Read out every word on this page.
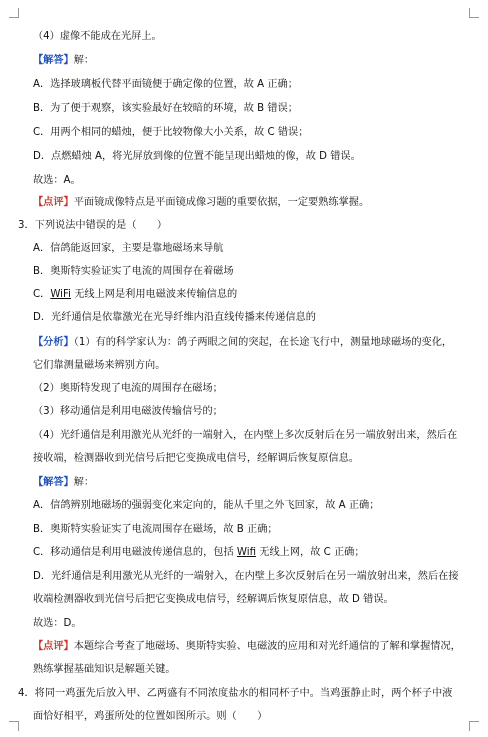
（4）虚像不能成在光屏上。
【解答】解：
A．选择玻璃板代替平面镜便于确定像的位置，故 A 正确；
B．为了便于观察，该实验最好在较暗的环境，故 B 错误；
C．用两个相同的蜡烛，便于比较物像大小关系，故 C 错误；
D．点燃蜡烛 A，将光屏放到像的位置不能呈现出蜡烛的像，故 D 错误。
故选：A。
【点评】平面镜成像特点是平面镜成像习题的重要依据，一定要熟练掌握。
3．下列说法中错误的是（　　）
A．信鸽能返回家，主要是靠地磁场来导航
B．奥斯特实验证实了电流的周围存在着磁场
C．WiFi 无线上网是利用电磁波来传输信息的
D．光纤通信是依靠激光在光导纤维内沿直线传播来传递信息的
【分析】（1）有的科学家认为：鸽子两眼之间的突起，在长途飞行中，测量地球磁场的变化，
它们靠测量磁场来辨别方向。
（2）奥斯特发现了电流的周围存在磁场；
（3）移动通信是利用电磁波传输信号的；
（4）光纤通信是利用激光从光纤的一端射入，在内壁上多次反射后在另一端放射出来，然后在
接收端，检测器收到光信号后把它变换成电信号，经解调后恢复原信息。
【解答】解：
A．信鸽辨别地磁场的强弱变化来定向的，能从千里之外飞回家，故 A 正确；
B．奥斯特实验证实了电流周围存在磁场，故 B 正确；
C．移动通信是利用电磁波传递信息的，包括 Wifi 无线上网，故 C 正确；
D．光纤通信是利用激光从光纤的一端射入，在内壁上多次反射后在另一端放射出来，然后在接
收端检测器收到光信号后把它变换成电信号，经解调后恢复原信息，故 D 错误。
故选：D。
【点评】本题综合考查了地磁场、奥斯特实验、电磁波的应用和对光纤通信的了解和掌握情况，
熟练掌握基础知识是解题关键。
4．将同一鸡蛋先后放入甲、乙两盛有不同浓度盐水的相同杯子中。当鸡蛋静止时，两个杯子中液
面恰好相平，鸡蛋所处的位置如图所示。则（　　）
